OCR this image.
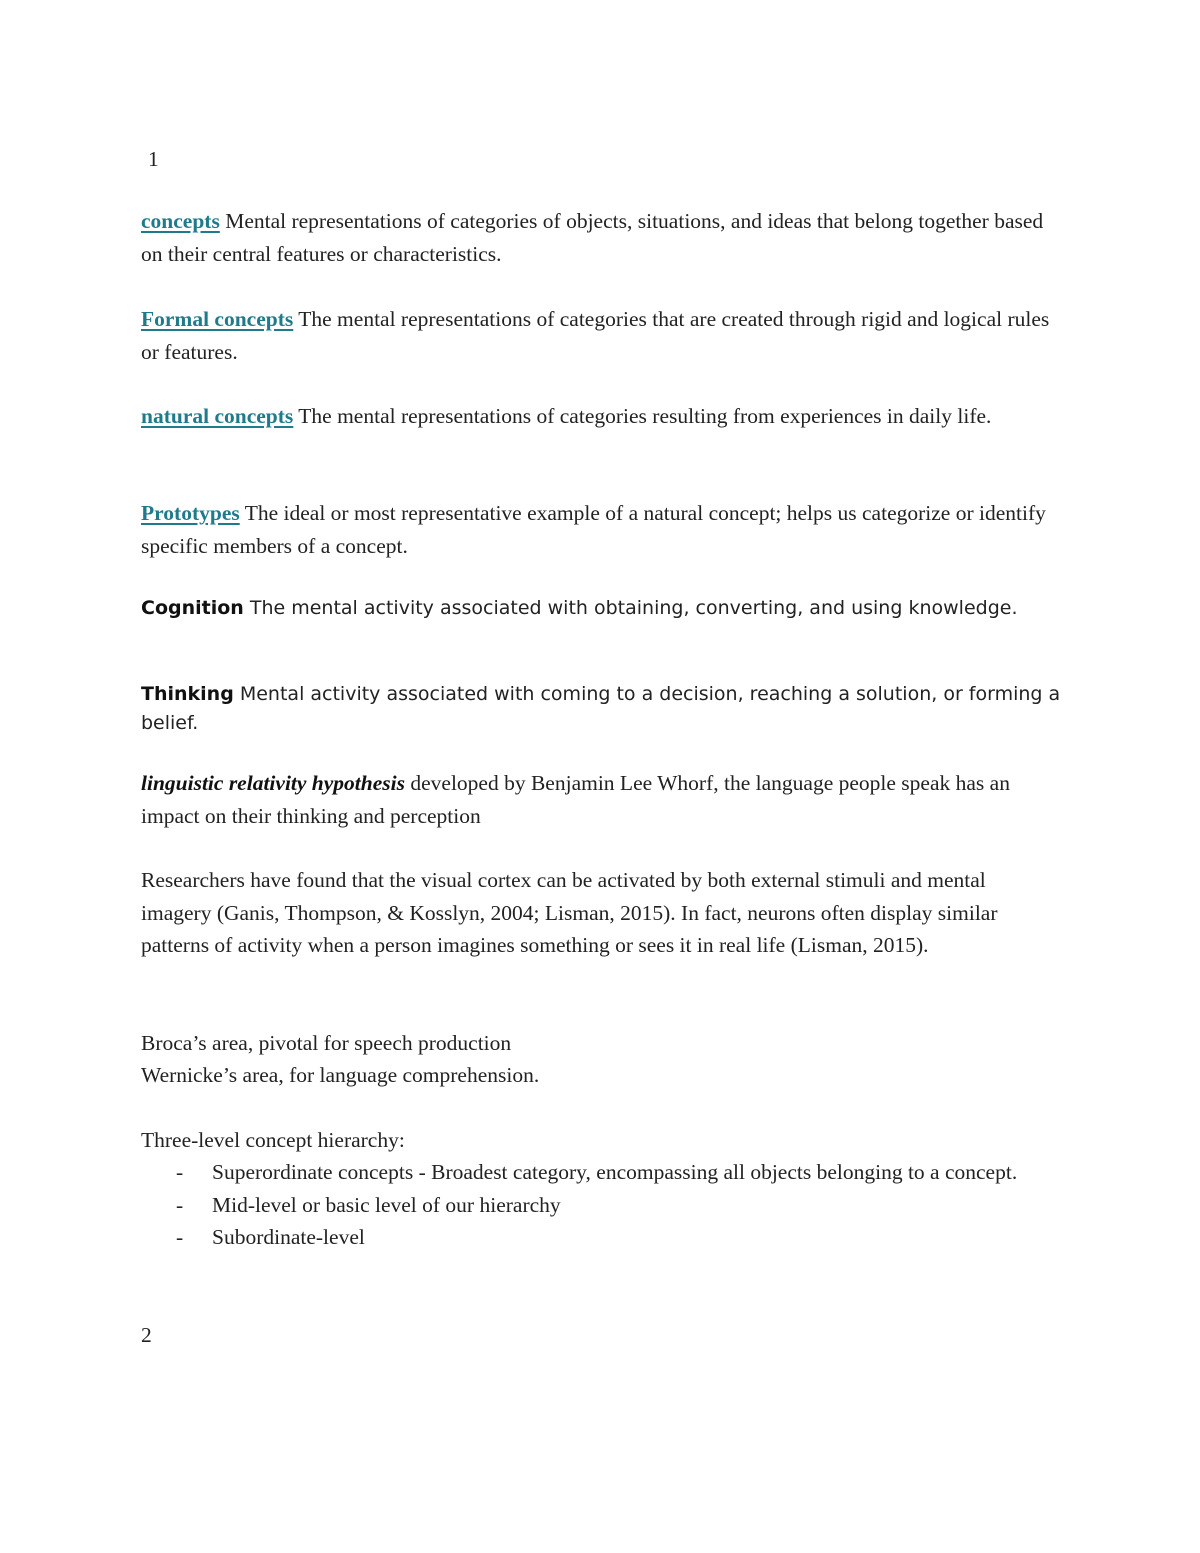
1

concepts Mental representations of categories of objects, situations, and ideas that belong together based on their central features or characteristics.

Formal concepts The mental representations of categories that are created through rigid and logical rules or features.

natural concepts The mental representations of categories resulting from experiences in daily life.

Prototypes The ideal or most representative example of a natural concept; helps us categorize or identify specific members of a concept.

Cognition The mental activity associated with obtaining, converting, and using knowledge.

Thinking Mental activity associated with coming to a decision, reaching a solution, or forming a belief.

linguistic relativity hypothesis developed by Benjamin Lee Whorf, the language people speak has an impact on their thinking and perception

Researchers have found that the visual cortex can be activated by both external stimuli and mental imagery (Ganis, Thompson, & Kosslyn, 2004; Lisman, 2015). In fact, neurons often display similar patterns of activity when a person imagines something or sees it in real life (Lisman, 2015).

Broca’s area, pivotal for speech production

Wernicke’s area, for language comprehension.

Three-level concept hierarchy:

- Superordinate concepts - Broadest category, encompassing all objects belonging to a concept.
- Mid-level or basic level of our hierarchy
- Subordinate-level

2
